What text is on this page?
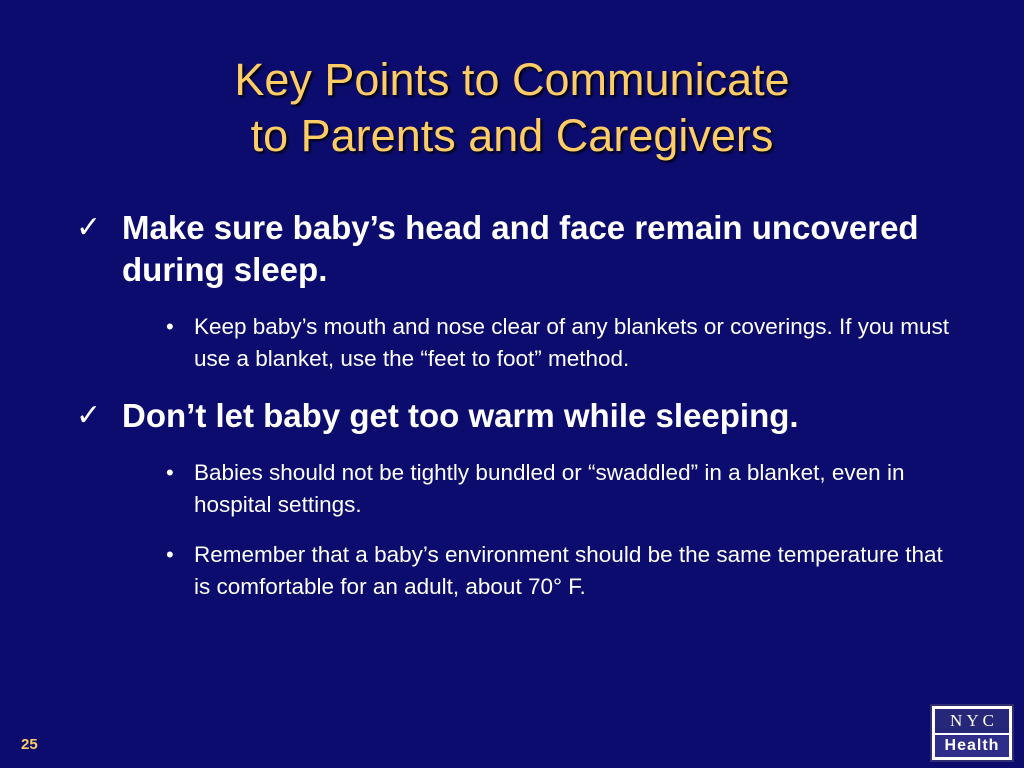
Key Points to Communicate
to Parents and Caregivers
✓ Make sure baby’s head and face remain uncovered during sleep.
• Keep baby’s mouth and nose clear of any blankets or coverings. If you must use a blanket, use the “feet to foot” method.
✓ Don’t let baby get too warm while sleeping.
• Babies should not be tightly bundled or “swaddled” in a blanket, even in hospital settings.
• Remember that a baby’s environment should be the same temperature that is comfortable for an adult, about 70° F.
25
NYC
Health
